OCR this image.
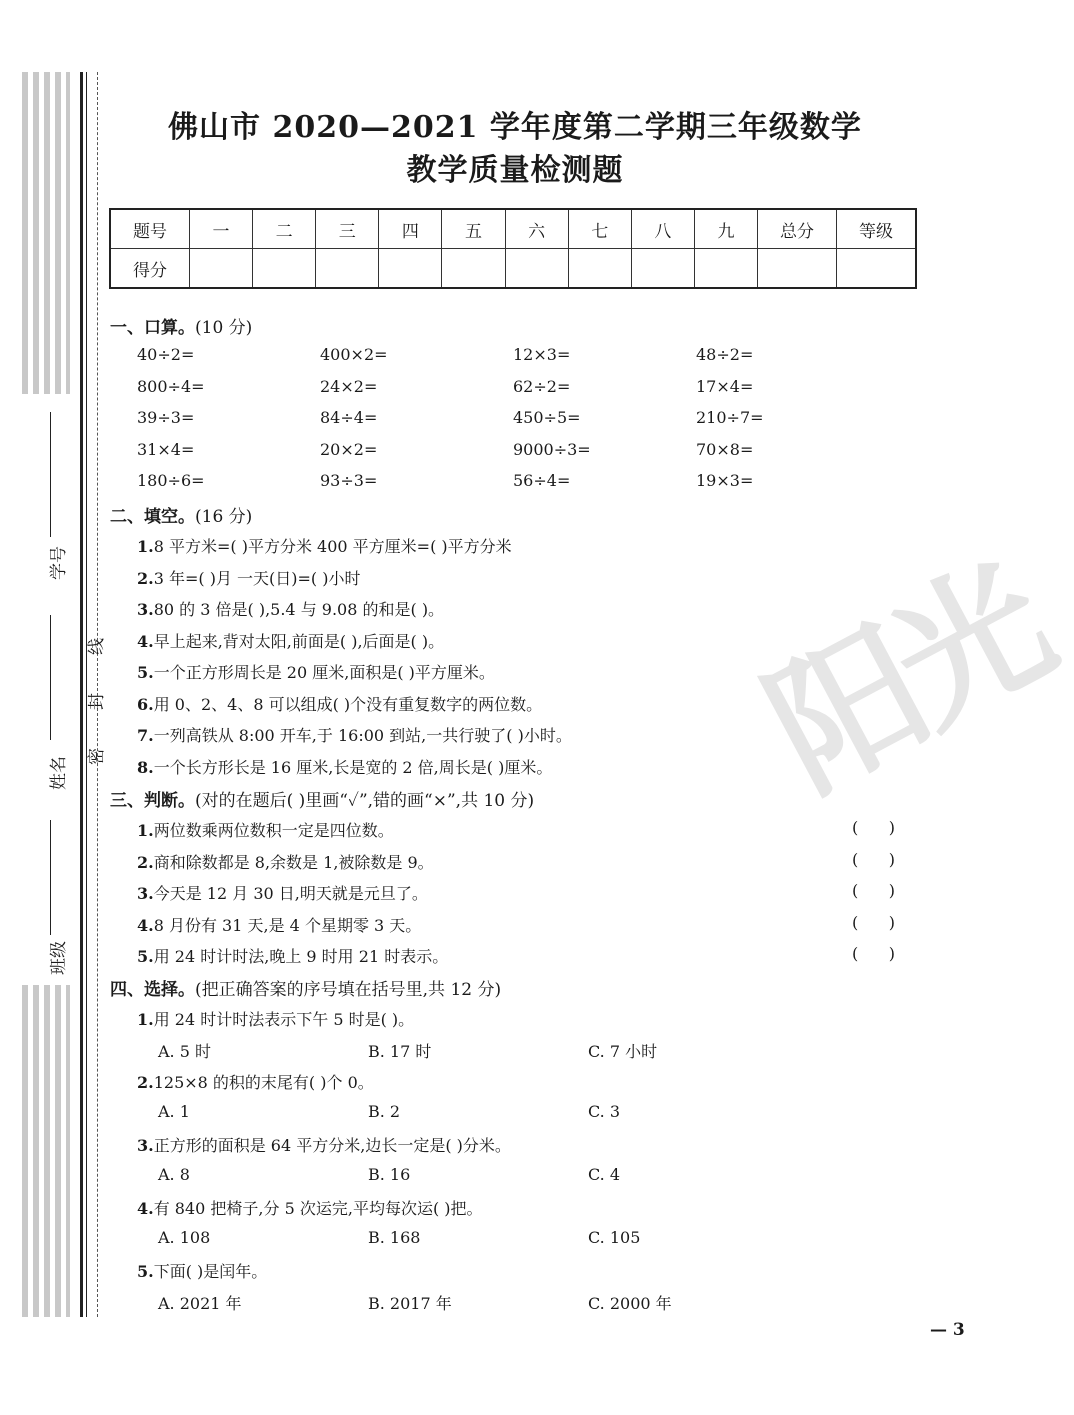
学号
姓名
班级
线
封
密	阳光
佛山市 2020—2021 学年度第二学期三年级数学
教学质量检测题
题号	一	二	三	四	五	六	七	八	九	总分	等级
得分											
一、口算。(10 分)
40÷2=	400×2=	12×3=	48÷2=
800÷4=	24×2=	62÷2=	17×4=
39÷3=	84÷4=	450÷5=	210÷7=
31×4=	20×2=	9000÷3=	70×8=
180÷6=	93÷3=	56÷4=	19×3=
二、填空。(16 分)
1.8 平方米=( )平方分米 400 平方厘米=( )平方分米
2.3 年=( )月 一天(日)=( )小时
3.80 的 3 倍是( ),5.4 与 9.08 的和是( )。
4.早上起来,背对太阳,前面是( ),后面是( )。
5.一个正方形周长是 20 厘米,面积是( )平方厘米。
6.用 0、2、4、8 可以组成( )个没有重复数字的两位数。
7.一列高铁从 8:00 开车,于 16:00 到站,一共行驶了( )小时。
8.一个长方形长是 16 厘米,长是宽的 2 倍,周长是( )厘米。
三、判断。(对的在题后( )里画“✓”,错的画“×”,共 10 分)
1.两位数乘两位数积一定是四位数。	(      )
2.商和除数都是 8,余数是 1,被除数是 9。	(      )
3.今天是 12 月 30 日,明天就是元旦了。	(      )
4.8 月份有 31 天,是 4 个星期零 3 天。	(      )
5.用 24 时计时法,晚上 9 时用 21 时表示。	(      )
四、选择。(把正确答案的序号填在括号里,共 12 分)
1.用 24 时计时法表示下午 5 时是( )。
A. 5 时	B. 17 时	C. 7 小时
2.125×8 的积的末尾有( )个 0。
A. 1	B. 2	C. 3
3.正方形的面积是 64 平方分米,边长一定是( )分米。
A. 8	B. 16	C. 4
4.有 840 把椅子,分 5 次运完,平均每次运( )把。
A. 108	B. 168	C. 105
5.下面( )是闰年。
A. 2021 年	B. 2017 年	C. 2000 年
— 3
